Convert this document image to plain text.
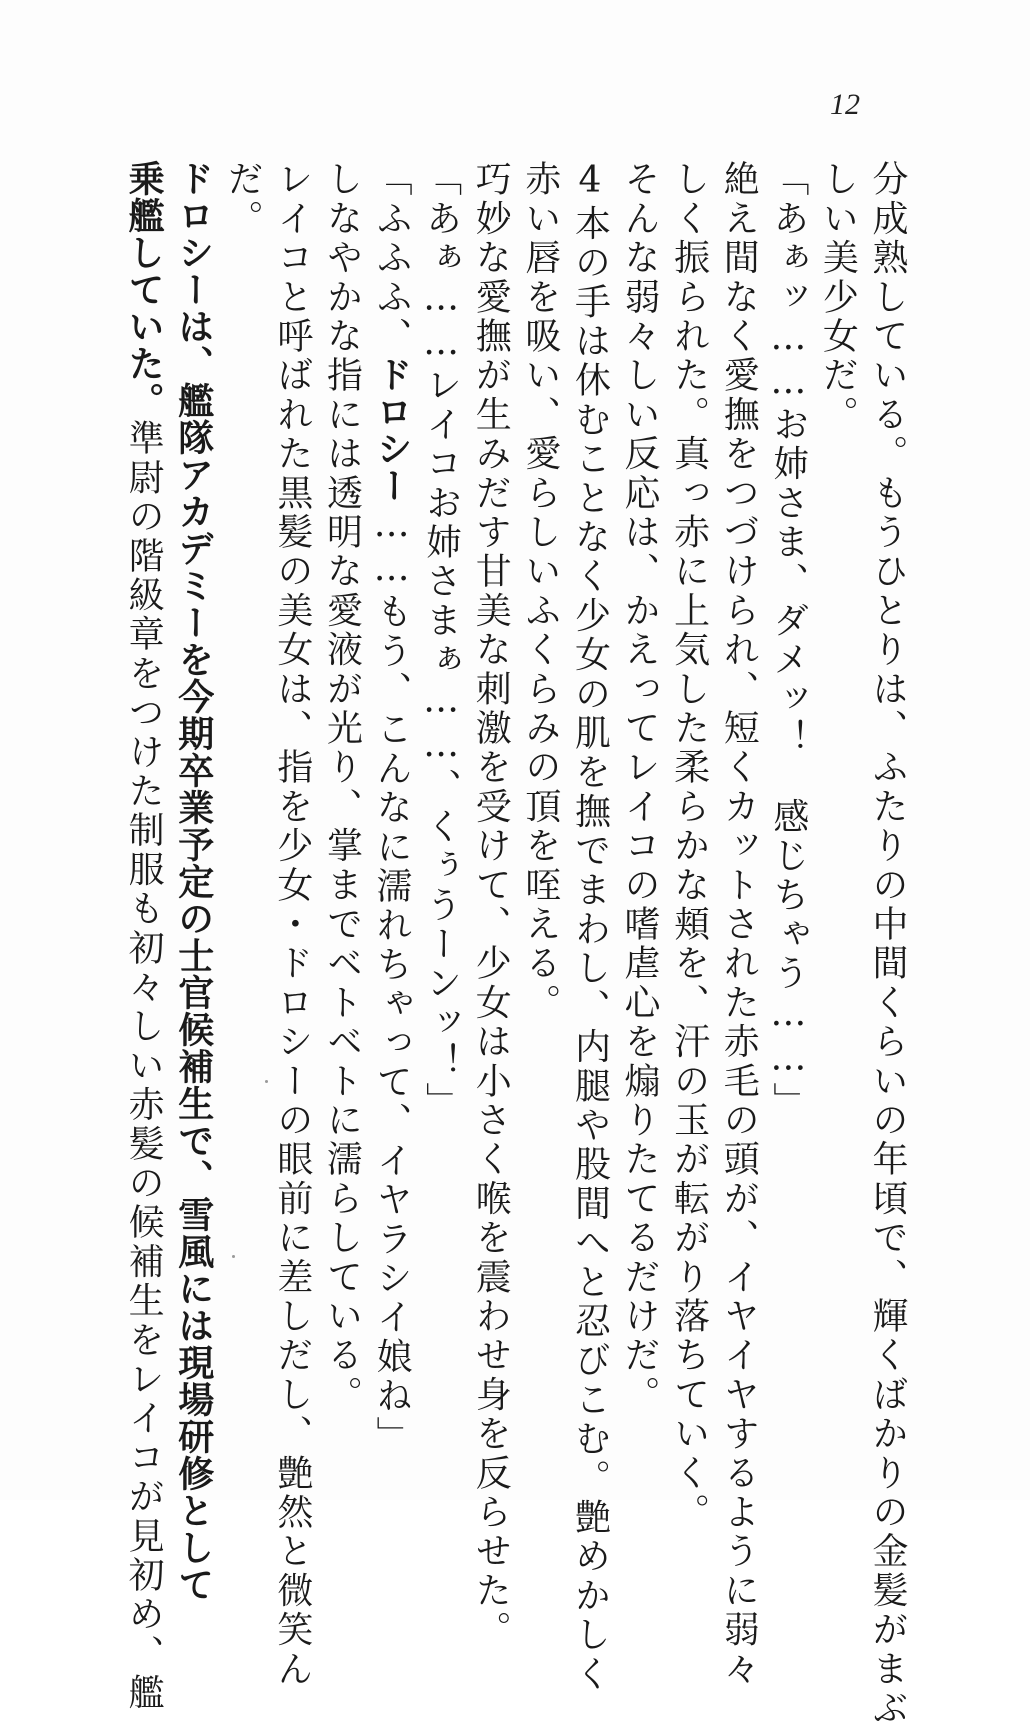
12
分成熟している。もうひとりは、ふたりの中間くらいの年頃で、輝くばかりの金髪がまぶ
しい美少女だ。
「あぁッ……お姉さま、ダメッ！　感じちゃう……」
絶え間なく愛撫をつづけられ、短くカットされた赤毛の頭が、イヤイヤするように弱々
しく振られた。真っ赤に上気した柔らかな頬を、汗の玉が転がり落ちていく。
そんな弱々しい反応は、かえってレイコの嗜虐心を煽りたてるだけだ。
4本の手は休むことなく少女の肌を撫でまわし、内腿や股間へと忍びこむ。艶めかしく
赤い唇を吸い、愛らしいふくらみの頂を咥える。
巧妙な愛撫が生みだす甘美な刺激を受けて、少女は小さく喉を震わせ身を反らせた。
「あぁ……レイコお姉さまぁ……、くぅうーンッ！」
「ふふふ、ドロシー……もう、こんなに濡れちゃって、イヤラシイ娘ね」
しなやかな指には透明な愛液が光り、掌までベトベトに濡らしている。
レイコと呼ばれた黒髪の美女は、指を少女・ドロシーの眼前に差しだし、艶然と微笑ん
だ。
ドロシーは、艦隊アカデミーを今期卒業予定の士官候補生で、雪風には現場研修として
乗艦していた。準尉の階級章をつけた制服も初々しい赤髪の候補生をレイコが見初め、艦
